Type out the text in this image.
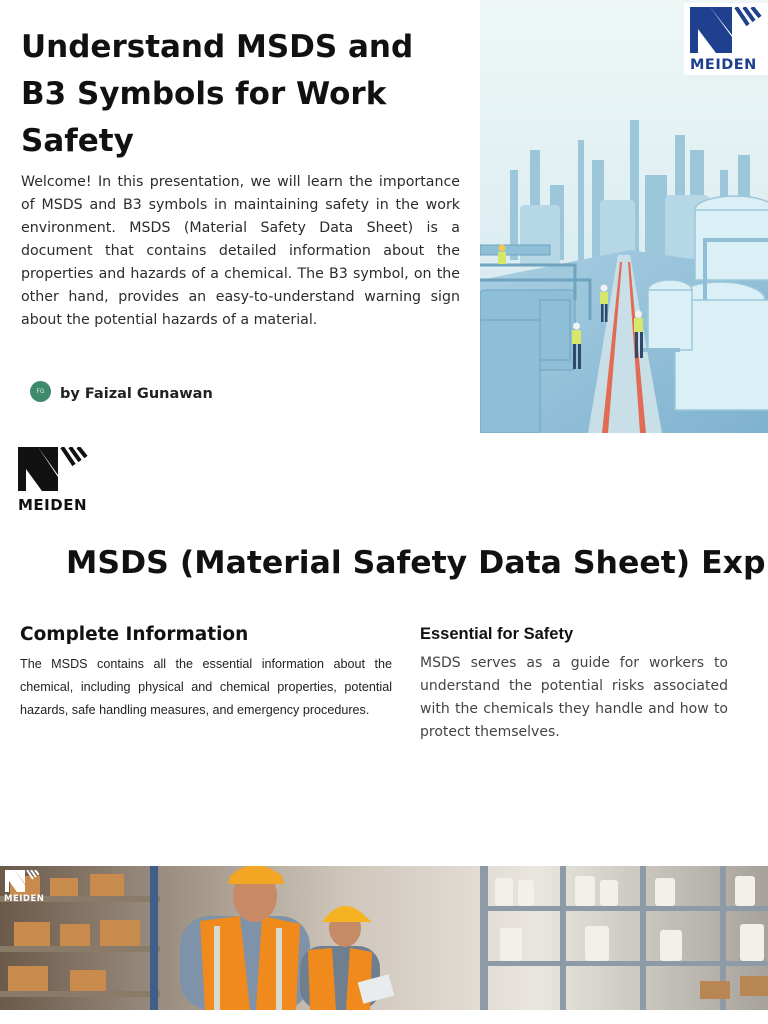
Understand MSDS and B3 Symbols for Work Safety

Welcome! In this presentation, we will learn the importance of MSDS and B3 symbols in maintaining safety in the work environment. MSDS (Material Safety Data Sheet) is a document that contains detailed information about the properties and hazards of a chemical. The B3 symbol, on the other hand, provides an easy-to-understand warning sign about the potential hazards of a material.

FG	by Faizal Gunawan
MEIDEN
MEIDEN
MSDS (Material Safety Data Sheet) Exp
Complete Information

The MSDS contains all the essential information about the chemical, including physical and chemical properties, potential hazards, safe handling measures, and emergency procedures.

Essential for Safety

MSDS serves as a guide for workers to understand the potential risks associated with the chemicals they handle and how to protect themselves.

MEIDEN
